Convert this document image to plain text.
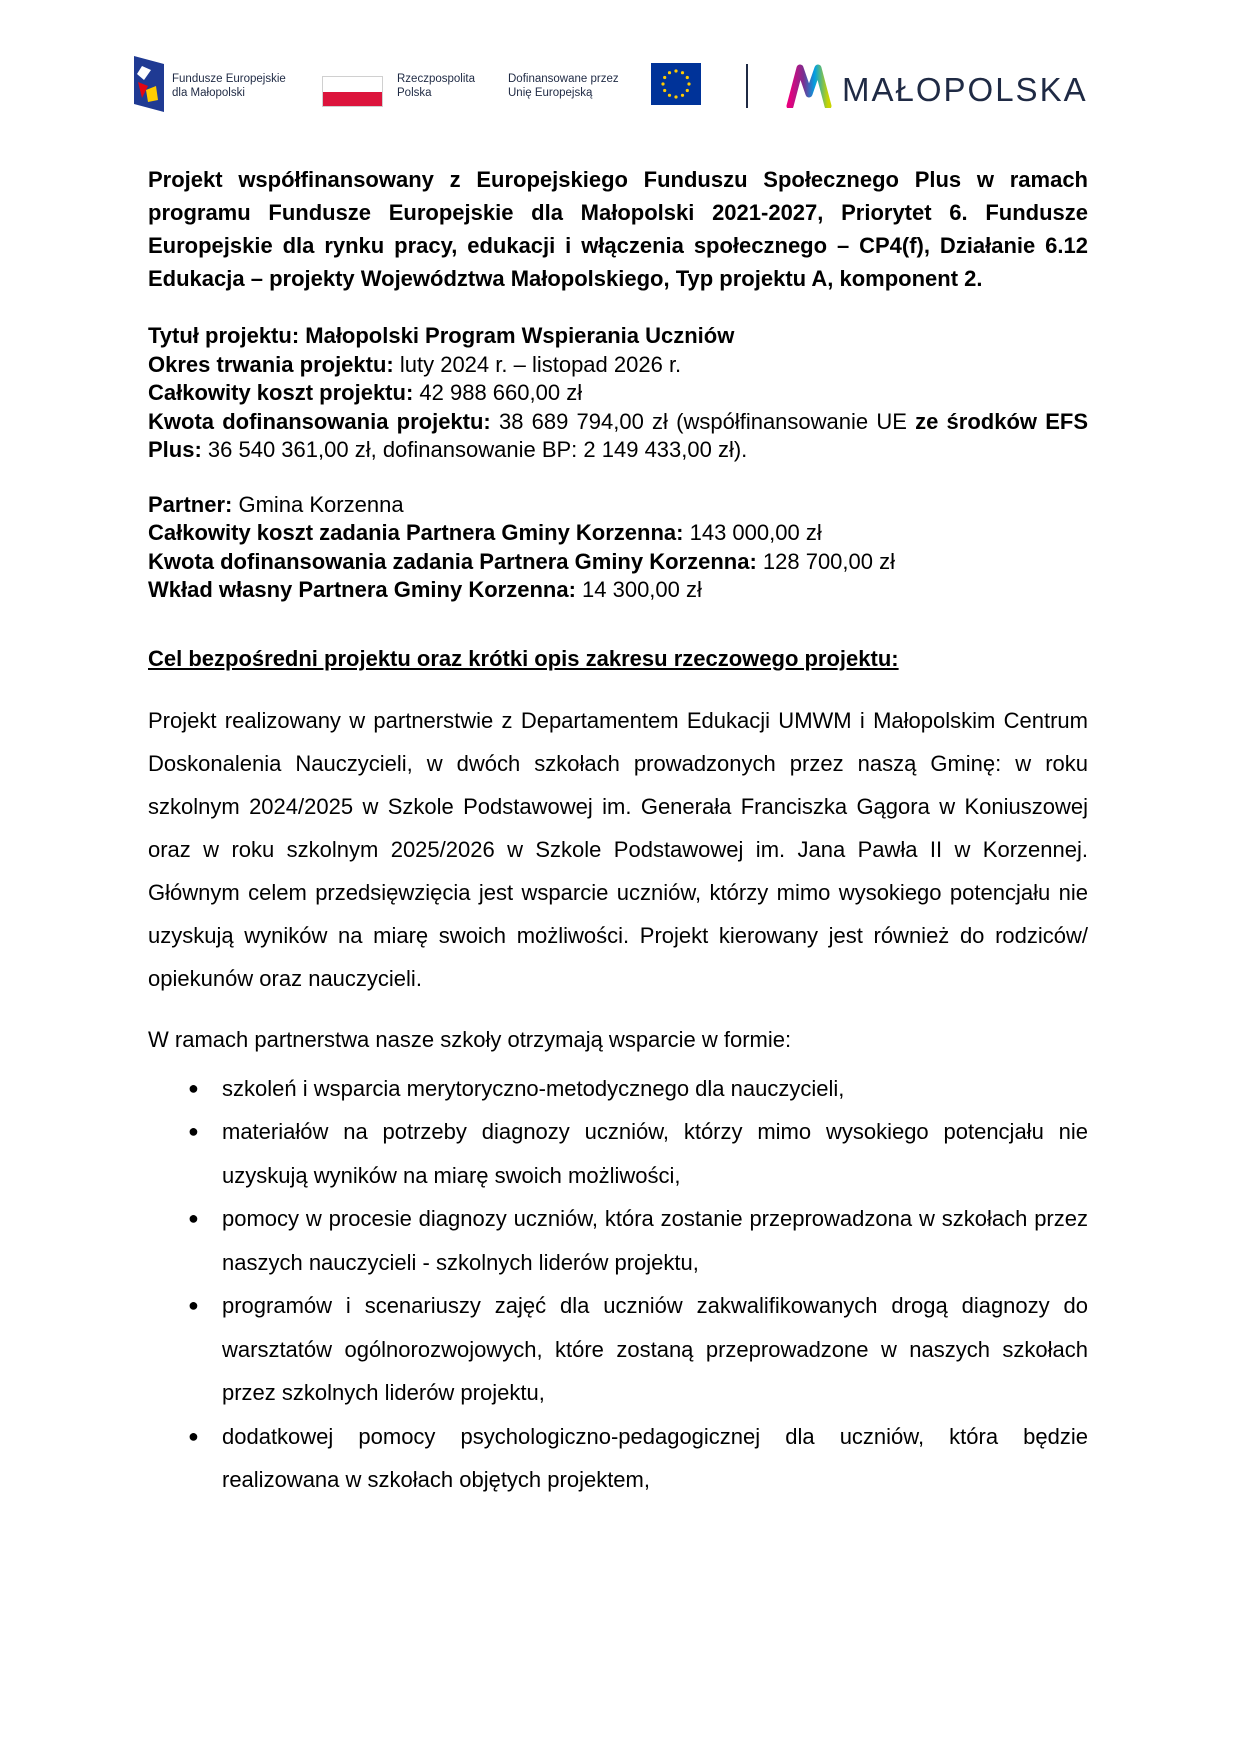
Fundusze Europejskie
dla Małopolski
Rzeczpospolita
Polska
Dofinansowane przez
Unię Europejską	MAŁOPOLSKA

Projekt współfinansowany z Europejskiego Funduszu Społecznego Plus w ramach programu Fundusze Europejskie dla Małopolski 2021-2027, Priorytet 6. Fundusze Europejskie dla rynku pracy, edukacji i włączenia społecznego – CP4(f), Działanie 6.12 Edukacja – projekty Województwa Małopolskiego, Typ projektu A, komponent 2.

Tytuł projektu: Małopolski Program Wspierania Uczniów

Okres trwania projektu: luty 2024 r. – listopad 2026 r.

Całkowity koszt projektu: 42 988 660,00 zł

Kwota dofinansowania projektu: 38 689 794,00 zł (współfinansowanie UE ze środków EFS Plus: 36 540 361,00 zł, dofinansowanie BP: 2 149 433,00 zł).

Partner: Gmina Korzenna

Całkowity koszt zadania Partnera Gminy Korzenna: 143 000,00 zł

Kwota dofinansowania zadania Partnera Gminy Korzenna: 128 700,00 zł

Wkład własny Partnera Gminy Korzenna: 14 300,00 zł

Cel bezpośredni projektu oraz krótki opis zakresu rzeczowego projektu:

Projekt realizowany w partnerstwie z Departamentem Edukacji UMWM i Małopolskim Centrum Doskonalenia Nauczycieli, w dwóch szkołach prowadzonych przez naszą Gminę: w roku szkolnym 2024/2025 w Szkole Podstawowej im. Generała Franciszka Gągora w Koniuszowej oraz w roku szkolnym 2025/2026 w Szkole Podstawowej im. Jana Pawła II w Korzennej. Głównym celem przedsięwzięcia jest wsparcie uczniów, którzy mimo wysokiego potencjału nie uzyskują wyników na miarę swoich możliwości. Projekt kierowany jest również do rodziców/ opiekunów oraz nauczycieli.

W ramach partnerstwa nasze szkoły otrzymają wsparcie w formie:

● szkoleń i wsparcia merytoryczno-metodycznego dla nauczycieli,
● materiałów na potrzeby diagnozy uczniów, którzy mimo wysokiego potencjału nie uzyskują wyników na miarę swoich możliwości,
● pomocy w procesie diagnozy uczniów, która zostanie przeprowadzona w szkołach przez naszych nauczycieli - szkolnych liderów projektu,
● programów i scenariuszy zajęć dla uczniów zakwalifikowanych drogą diagnozy do warsztatów ogólnorozwojowych, które zostaną przeprowadzone w naszych szkołach przez szkolnych liderów projektu,
● dodatkowej pomocy psychologiczno-pedagogicznej dla uczniów, która będzie realizowana w szkołach objętych projektem,
